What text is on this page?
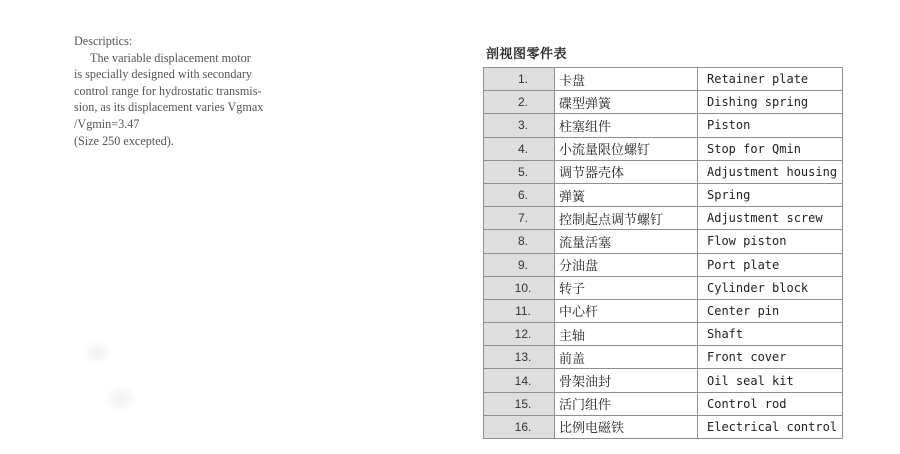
Descriptics:
The variable displacement motor
is specially designed with secondary
control range for hydrostatic transmis-
sion, as its displacement varies Vgmax
/Vgmin=3.47
(Size 250 excepted).
剖视图零件表
1.	卡盘	Retainer plate
2.	碟型弹簧	Dishing spring
3.	柱塞组件	Piston
4.	小流量限位螺钉	Stop for Qmin
5.	调节器壳体	Adjustment housing
6.	弹簧	Spring
7.	控制起点调节螺钉	Adjustment screw
8.	流量活塞	Flow piston
9.	分油盘	Port plate
10.	转子	Cylinder block
11.	中心杆	Center pin
12.	主轴	Shaft
13.	前盖	Front cover
14.	骨架油封	Oil seal kit
15.	活门组件	Control rod
16.	比例电磁铁	Electrical control
